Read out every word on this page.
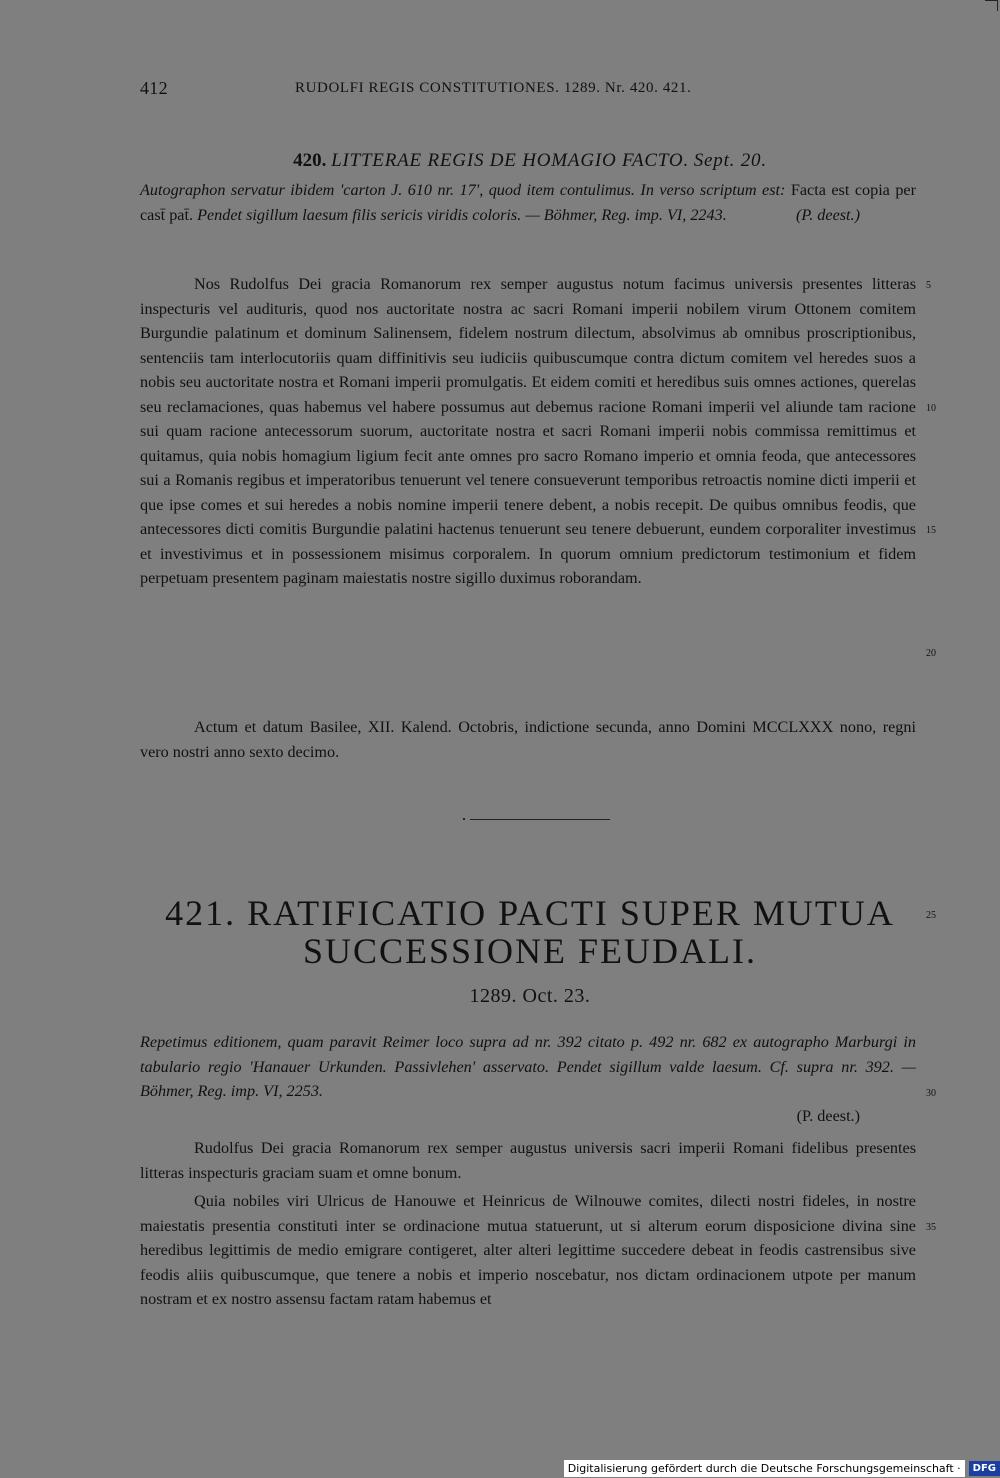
412	RUDOLFI REGIS CONSTITUTIONES. 1289. Nr. 420. 421.
420. LITTERAE REGIS DE HOMAGIO FACTO. Sept. 20.
Autographon servatur ibidem 'carton J. 610 nr. 17', quod item contulimus. In verso scriptum est: Facta est copia per cast̄ pat̄. Pendet sigillum laesum filis sericis viridis coloris. — Böhmer, Reg. imp. VI, 2243.	(P. deest.)
Nos Rudolfus Dei gracia Romanorum rex semper augustus notum facimus universis presentes litteras inspecturis vel audituris, quod nos auctoritate nostra ac sacri Romani imperii nobilem virum Ottonem comitem Burgundie palatinum et dominum Salinensem, fidelem nostrum dilectum, absolvimus ab omnibus proscriptionibus, sentenciis tam interlocutoriis quam diffinitivis seu iudiciis quibuscumque contra dictum comitem vel heredes suos a nobis seu auctoritate nostra et Romani imperii promulgatis. Et eidem comiti et heredibus suis omnes actiones, querelas seu reclamaciones, quas habemus vel habere possumus aut debemus racione Romani imperii vel aliunde tam racione sui quam racione antecessorum suorum, auctoritate nostra et sacri Romani imperii nobis commissa remittimus et quitamus, quia nobis homagium ligium fecit ante omnes pro sacro Romano imperio et omnia feoda, que antecessores sui a Romanis regibus et imperatoribus tenuerunt vel tenere consueverunt temporibus retroactis nomine dicti imperii et que ipse comes et sui heredes a nobis nomine imperii tenere debent, a nobis recepit. De quibus omnibus feodis, que antecessores dicti comitis Burgundie palatini hactenus tenuerunt seu tenere debuerunt, eundem corporaliter investimus et investivimus et in possessionem misimus corporalem. In quorum omnium predictorum testimonium et fidem perpetuam presentem paginam maiestatis nostre sigillo duximus roborandam.
Actum et datum Basilee, XII. Kalend. Octobris, indictione secunda, anno Domini MCCLXXX nono, regni vero nostri anno sexto decimo.
5
10
15
20
25
30
35
421. RATIFICATIO PACTI SUPER MUTUA
SUCCESSIONE FEUDALI.
1289. Oct. 23.
Repetimus editionem, quam paravit Reimer loco supra ad nr. 392 citato p. 492 nr. 682 ex autographo Marburgi in tabulario regio 'Hanauer Urkunden. Passivlehen' asservato. Pendet sigillum valde laesum. Cf. supra nr. 392. — Böhmer, Reg. imp. VI, 2253.
(P. deest.)
Rudolfus Dei gracia Romanorum rex semper augustus universis sacri imperii Romani fidelibus presentes litteras inspecturis graciam suam et omne bonum.
Quia nobiles viri Ulricus de Hanouwe et Heinricus de Wilnouwe comites, dilecti nostri fideles, in nostre maiestatis presentia constituti inter se ordinacione mutua statuerunt, ut si alterum eorum disposicione divina sine heredibus legittimis de medio emigrare contigeret, alter alteri legittime succedere debeat in feodis castrensibus sive feodis aliis quibuscumque, que tenere a nobis et imperio noscebatur, nos dictam ordinacionem utpote per manum nostram et ex nostro assensu factam ratam habemus et
Digitalisierung gefördert durch die Deutsche Forschungsgemeinschaft ·	DFG
